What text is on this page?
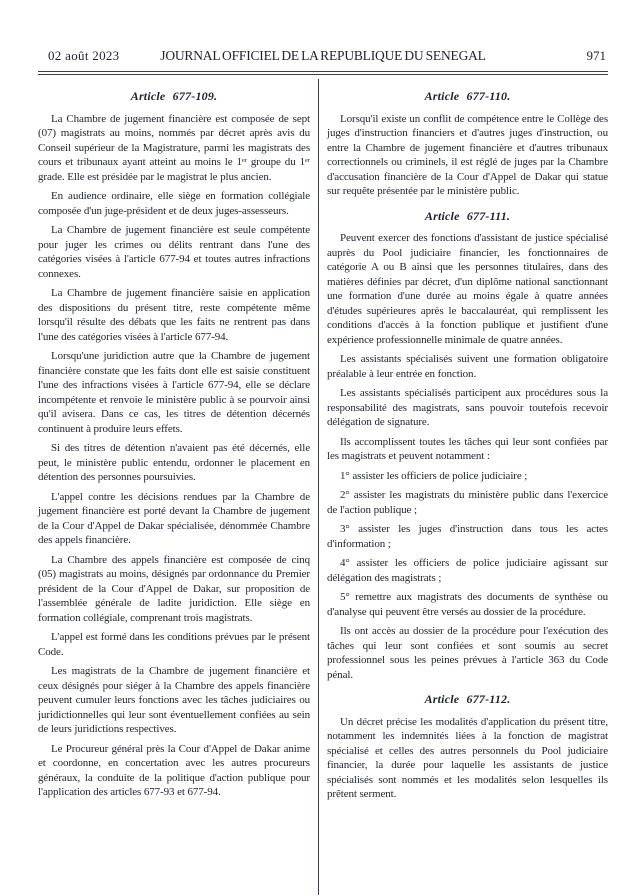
02 août 2023	JOURNAL OFFICIEL DE LA REPUBLIQUE DU SENEGAL	971
Article 677-109.

La Chambre de jugement financière est composée de sept (07) magistrats au moins, nommés par décret après avis du Conseil supérieur de la Magistrature, parmi les magistrats des cours et tribunaux ayant atteint au moins le 1ᵉʳ groupe du 1ᵉʳ grade. Elle est présidée par le magistrat le plus ancien.

En audience ordinaire, elle siège en formation collégiale composée d'un juge-président et de deux juges-assesseurs.

La Chambre de jugement financière est seule compétente pour juger les crimes ou délits rentrant dans l'une des catégories visées à l'article 677-94 et toutes autres infractions connexes.

La Chambre de jugement financière saisie en application des dispositions du présent titre, reste compétente même lorsqu'il résulte des débats que les faits ne rentrent pas dans l'une des catégories visées à l'article 677-94.

Lorsqu'une juridiction autre que la Chambre de jugement financière constate que les faits dont elle est saisie constituent l'une des infractions visées à l'article 677-94, elle se déclare incompétente et renvoie le ministère public à se pourvoir ainsi qu'il avisera. Dans ce cas, les titres de détention décernés continuent à produire leurs effets.

Si des titres de détention n'avaient pas été décernés, elle peut, le ministère public entendu, ordonner le placement en détention des personnes poursuivies.

L'appel contre les décisions rendues par la Chambre de jugement financière est porté devant la Chambre de jugement de la Cour d'Appel de Dakar spécialisée, dénommée Chambre des appels financière.

La Chambre des appels financière est composée de cinq (05) magistrats au moins, désignés par ordonnance du Premier président de la Cour d'Appel de Dakar, sur proposition de l'assemblée générale de ladite juridiction. Elle siège en formation collégiale, comprenant trois magistrats.

L'appel est formé dans les conditions prévues par le présent Code.

Les magistrats de la Chambre de jugement financière et ceux désignés pour siéger à la Chambre des appels financière peuvent cumuler leurs fonctions avec les tâches judiciaires ou juridictionnelles qui leur sont éventuellement confiées au sein de leurs juridictions respectives.

Le Procureur général près la Cour d'Appel de Dakar anime et coordonne, en concertation avec les autres procureurs généraux, la conduite de la politique d'action publique pour l'application des articles 677-93 et 677-94.

Article 677-110.

Lorsqu'il existe un conflit de compétence entre le Collège des juges d'instruction financiers et d'autres juges d'instruction, ou entre la Chambre de jugement financière et d'autres tribunaux correctionnels ou criminels, il est réglé de juges par la Chambre d'accusation financière de la Cour d'Appel de Dakar qui statue sur requête présentée par le ministère public.

Article 677-111.

Peuvent exercer des fonctions d'assistant de justice spécialisé auprès du Pool judiciaire financier, les fonctionnaires de catégorie A ou B ainsi que les personnes titulaires, dans des matières définies par décret, d'un diplôme national sanctionnant une formation d'une durée au moins égale à quatre années d'études supérieures après le baccalauréat, qui remplissent les conditions d'accès à la fonction publique et justifient d'une expérience professionnelle minimale de quatre années.

Les assistants spécialisés suivent une formation obligatoire préalable à leur entrée en fonction.

Les assistants spécialisés participent aux procédures sous la responsabilité des magistrats, sans pouvoir toutefois recevoir délégation de signature.

Ils accomplissent toutes les tâches qui leur sont confiées par les magistrats et peuvent notamment :

1° assister les officiers de police judiciaire ;

2° assister les magistrats du ministère public dans l'exercice de l'action publique ;

3° assister les juges d'instruction dans tous les actes d'information ;

4° assister les officiers de police judiciaire agissant sur délégation des magistrats ;

5° remettre aux magistrats des documents de synthèse ou d'analyse qui peuvent être versés au dossier de la procédure.

Ils ont accès au dossier de la procédure pour l'exécution des tâches qui leur sont confiées et sont soumis au secret professionnel sous les peines prévues à l'article 363 du Code pénal.

Article 677-112.

Un décret précise les modalités d'application du présent titre, notamment les indemnités liées à la fonction de magistrat spécialisé et celles des autres personnels du Pool judiciaire financier, la durée pour laquelle les assistants de justice spécialisés sont nommés et les modalités selon lesquelles ils prêtent serment.
